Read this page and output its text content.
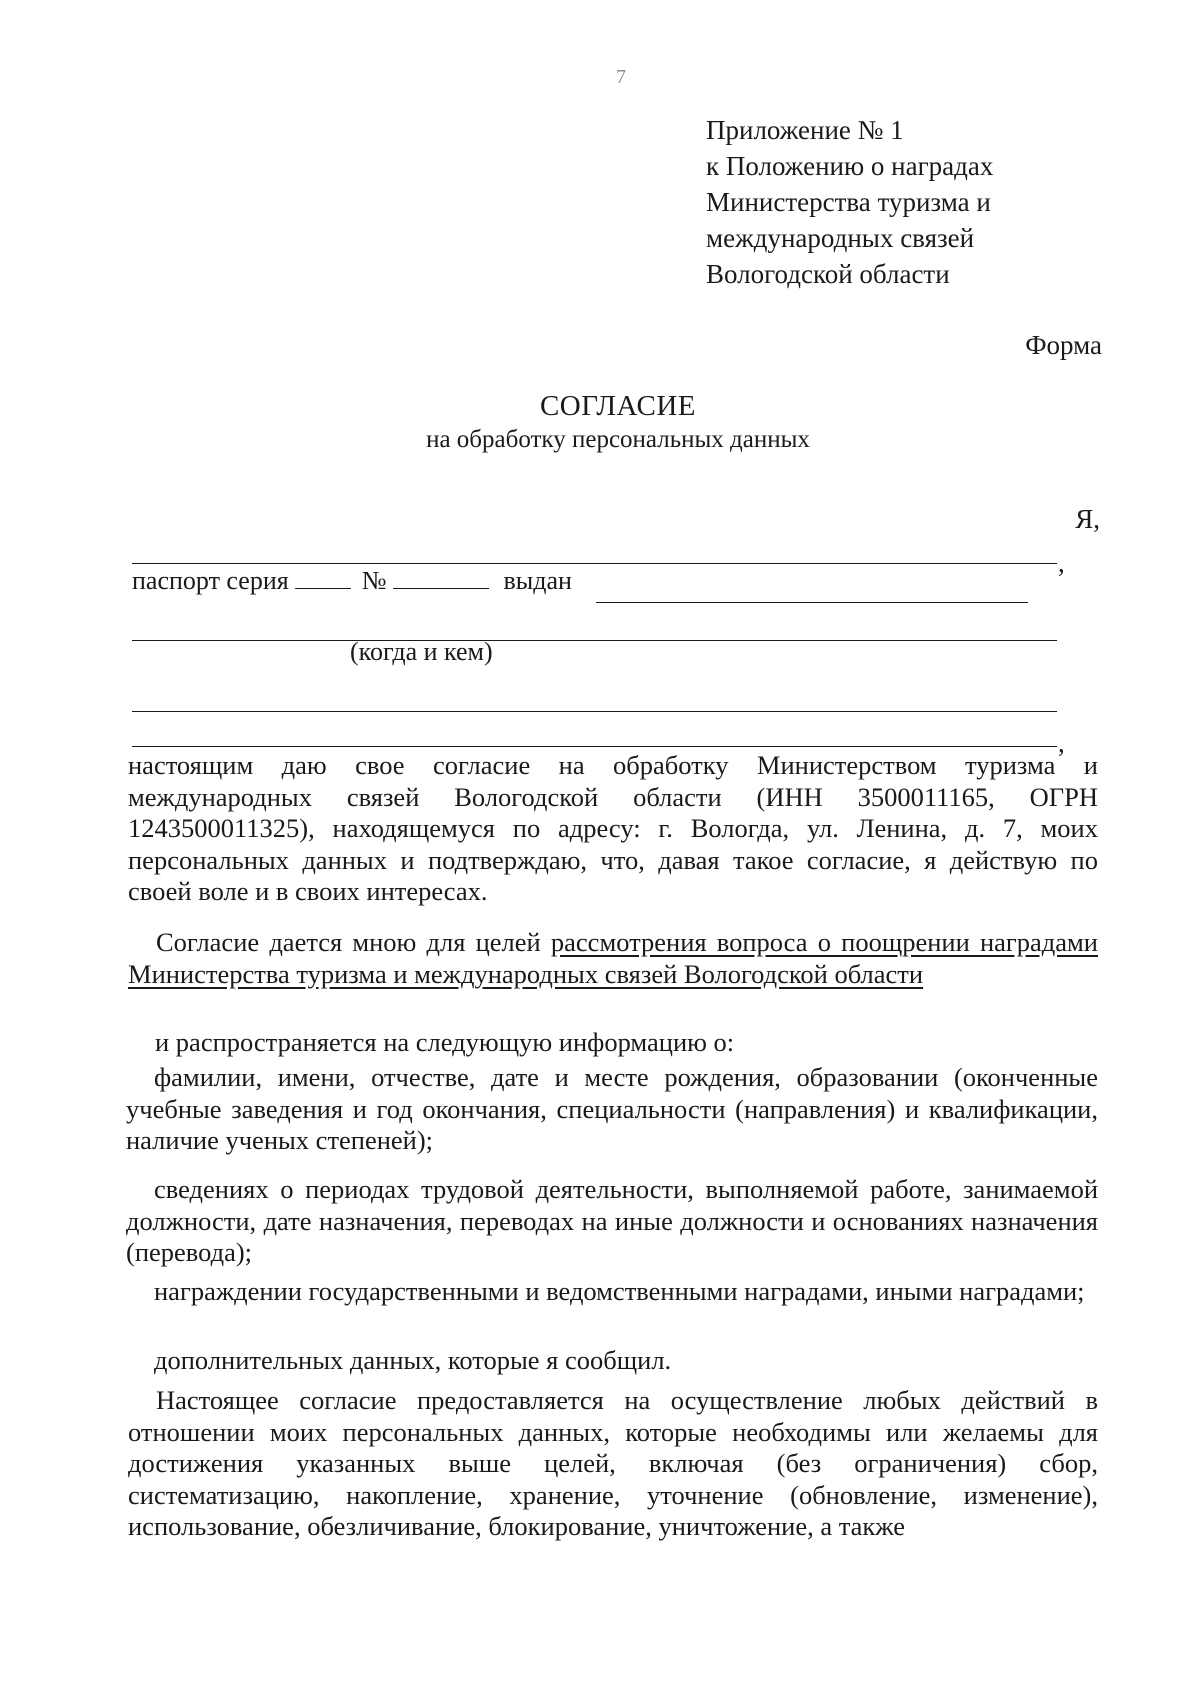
7
Приложение № 1
к Положению о наградах
Министерства туризма и
международных связей
Вологодской области
Форма
СОГЛАСИЕ
на обработку персональных данных
Я,
,
паспорт серия	№	выдан
(когда и кем)
,
настоящим даю свое согласие на обработку Министерством туризма и международных связей Вологодской области (ИНН 3500011165, ОГРН 1243500011325), находящемуся по адресу: г. Вологда, ул. Ленина, д. 7, моих персональных данных и подтверждаю, что, давая такое согласие, я действую по своей воле и в своих интересах.
Согласие дается мною для целей рассмотрения вопроса о поощрении наградами Министерства туризма и международных связей Вологодской области
и распространяется на следующую информацию о:
фамилии, имени, отчестве, дате и месте рождения, образовании (оконченные учебные заведения и год окончания, специальности (направления) и квалификации, наличие ученых степеней);
сведениях о периодах трудовой деятельности, выполняемой работе, занимаемой должности, дате назначения, переводах на иные должности и основаниях назначения (перевода);
награждении государственными и ведомственными наградами, иными наградами;
дополнительных данных, которые я сообщил.
Настоящее согласие предоставляется на осуществление любых действий в отношении моих персональных данных, которые необходимы или желаемы для достижения указанных выше целей, включая (без ограничения) сбор, систематизацию, накопление, хранение, уточнение (обновление, изменение), использование, обезличивание, блокирование, уничтожение, а также
